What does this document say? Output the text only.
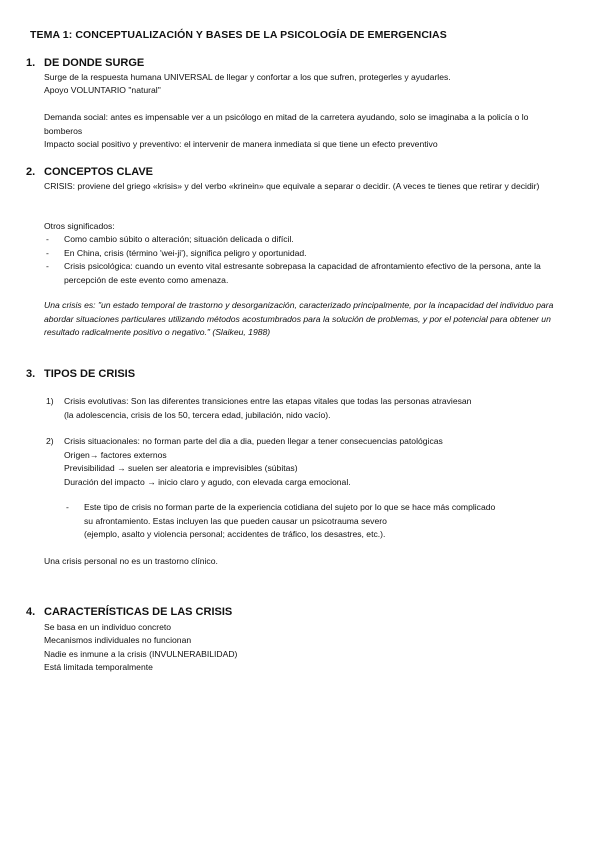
TEMA 1: CONCEPTUALIZACIÓN Y BASES DE LA PSICOLOGÍA DE EMERGENCIAS
1. DE DONDE SURGE
Surge de la respuesta humana UNIVERSAL de llegar y confortar a los que sufren, protegerles y ayudarles.
Apoyo VOLUNTARIO "natural"
Demanda social: antes es impensable ver a un psicólogo en mitad de la carretera ayudando, solo se imaginaba a la policía o lo bomberos
Impacto social positivo y preventivo: el intervenir de manera inmediata si que tiene un efecto preventivo
2. CONCEPTOS CLAVE
CRISIS: proviene del griego «krisis» y del verbo «krinein» que equivale a separar o decidir. (A veces te tienes que retirar y decidir)
Otros significados:
- Como cambio súbito o alteración; situación delicada o difícil.
- En China, crisis (término 'wei-ji'), significa peligro y oportunidad.
- Crisis psicológica: cuando un evento vital estresante sobrepasa la capacidad de afrontamiento efectivo de la persona, ante la percepción de este evento como amenaza.
Una crisis es: "un estado temporal de trastorno y desorganización, caracterizado principalmente, por la incapacidad del individuo para abordar situaciones particulares utilizando métodos acostumbrados para la solución de problemas, y por el potencial para obtener un resultado radicalmente positivo o negativo." (Slaikeu, 1988)
3. TIPOS DE CRISIS
1) Crisis evolutivas: Son las diferentes transiciones entre las etapas vitales que todas las personas atraviesan
(la adolescencia, crisis de los 50, tercera edad, jubilación, nido vacío).
2) Crisis situacionales: no forman parte del dia a dia, pueden llegar a tener consecuencias patológicas
Origen→ factores externos
Previsibilidad → suelen ser aleatoria e imprevisibles (súbitas)
Duración del impacto → inicio claro y agudo, con elevada carga emocional.
- Este tipo de crisis no forman parte de la experiencia cotidiana del sujeto por lo que se hace más complicado
su afrontamiento. Estas incluyen las que pueden causar un psicotrauma severo
(ejemplo, asalto y violencia personal; accidentes de tráfico, los desastres, etc.).
Una crisis personal no es un trastorno clínico.
4. CARACTERÍSTICAS DE LAS CRISIS
Se basa en un individuo concreto
Mecanismos individuales no funcionan
Nadie es inmune a la crisis (INVULNERABILIDAD)
Está limitada temporalmente
